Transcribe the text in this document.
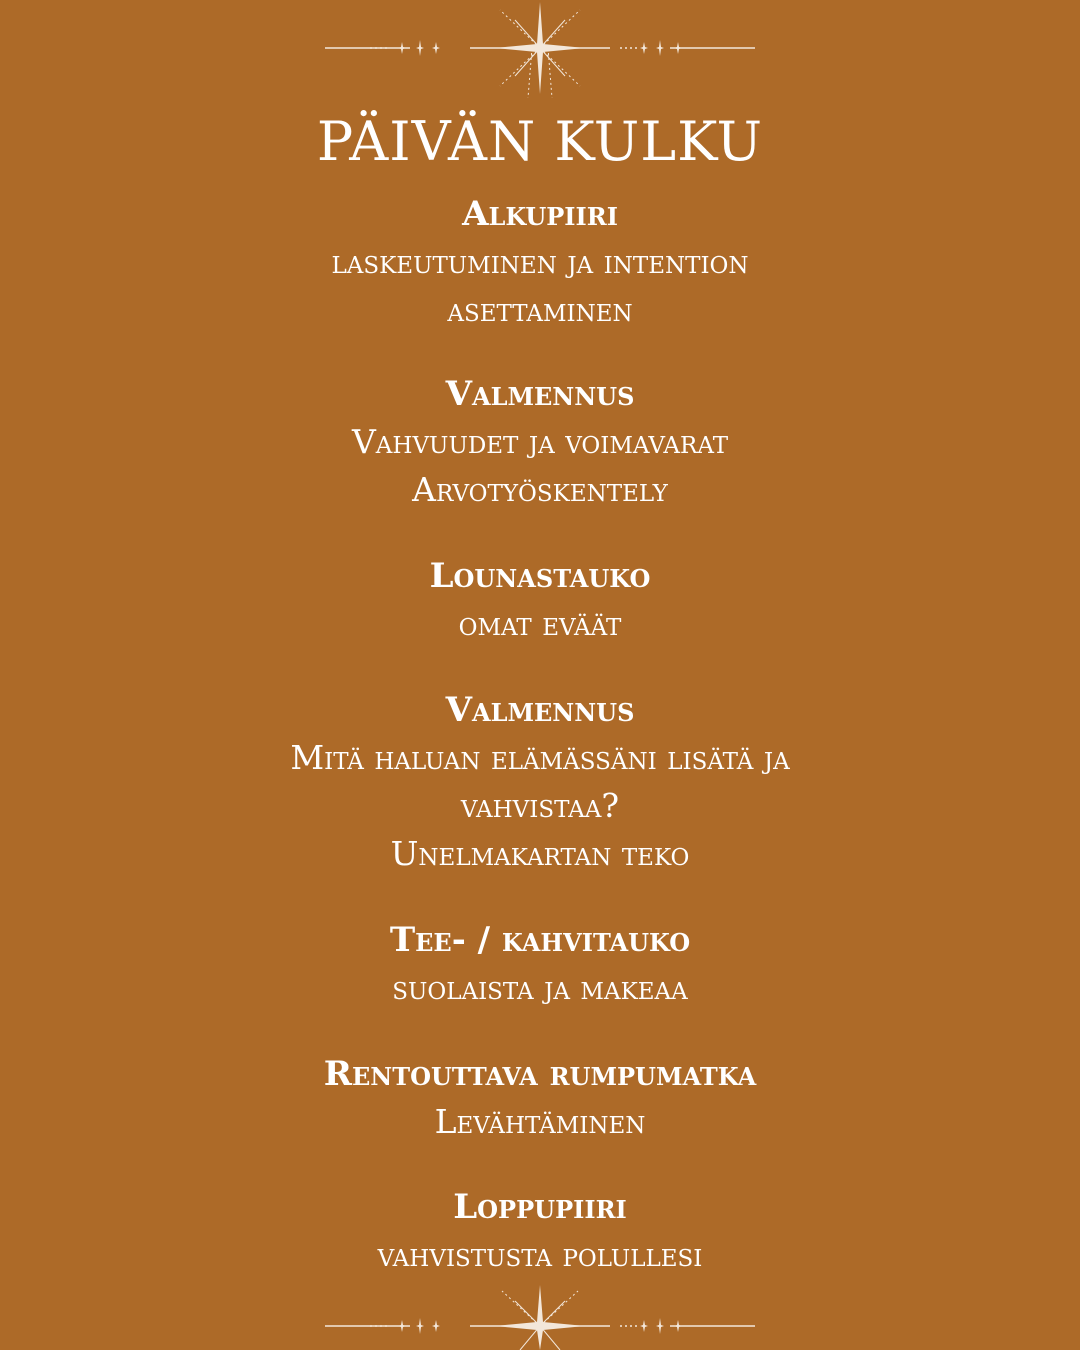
PÄIVÄN KULKU
Alkupiiri
laskeutuminen ja intention
asettaminen
Valmennus
Vahvuudet ja voimavarat
Arvotyöskentely
Lounastauko
omat eväät
Valmennus
Mitä haluan elämässäni lisätä ja
vahvistaa?
Unelmakartan teko
Tee- / kahvitauko
suolaista ja makeaa
Rentouttava rumpumatka
Levähtäminen
Loppupiiri
vahvistusta polullesi
